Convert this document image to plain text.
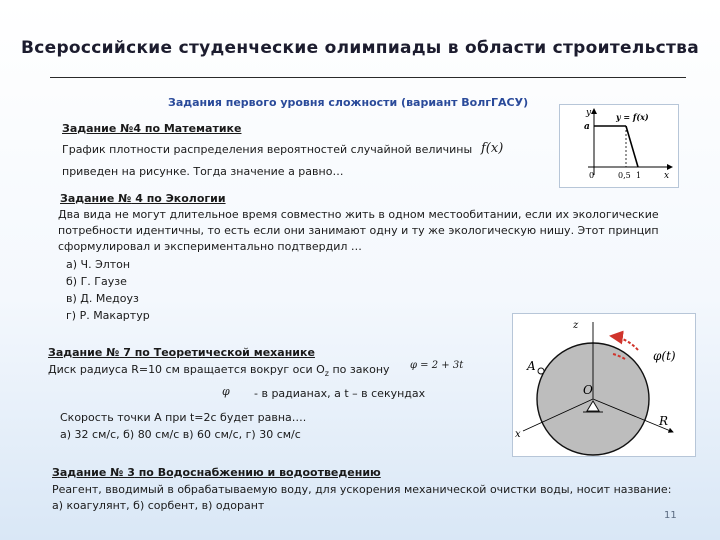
Всероссийские студенческие олимпиады в области строительства
Задания первого уровня сложности (вариант ВолгГАСУ)
Задание №4 по Математике
График плотности распределения вероятностей случайной величины f(x)
приведен на рисунке. Тогда значение a равно…
y	y = f(x)
a
0	0,5 1	x
Задание № 4 по Экологии
Два вида не могут длительное время совместно жить в одном местообитании, если их экологические
потребности идентичны, то есть если они занимают одну и ту же экологическую нишу. Этот принцип
сформулировал и экспериментально подтвердил …
а) Ч. Элтон
б) Г. Гаузе
в) Д. Медоуз
г) Р. Макартур
Задание № 7 по Теоретической механике
Диск радиуса R=10 см вращается вокруг оси $O_z$ по закону φ = 2 + 3t
φ - в радианах, а t – в секундах
Скорость точки А при t=2с будет равна….
а) 32 см/с, б) 80 см/с в) 60 см/с, г) 30 см/с
z
φ(t)
A
O
R
x
Задание № 3 по Водоснабжению и водоотведению
Реагент, вводимый в обрабатываемую воду, для ускорения механической очистки воды, носит название:
а) коагулянт, б) сорбент, в) одорант
11
